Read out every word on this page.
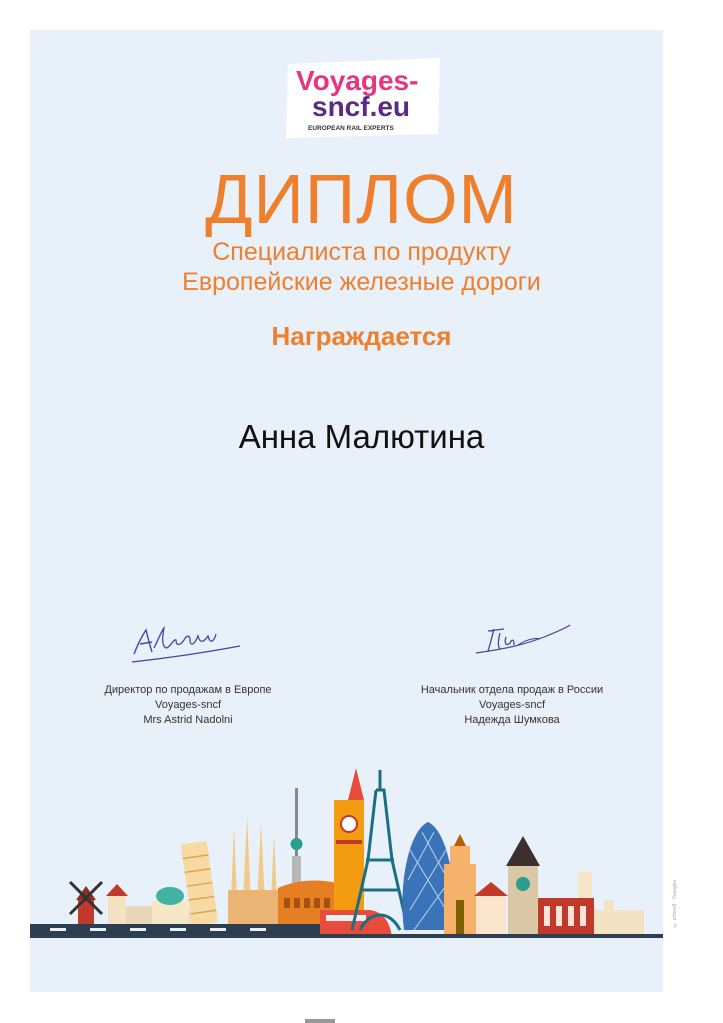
Voyages-
sncf.eu
EUROPEAN RAIL EXPERTS
ДИПЛОМ
Специалиста по продукту
Европейские железные дороги
Награждается
Анна Малютина
Директор по продажам в Европе
Voyages-sncf
Mrs Astrid Nadolni
Начальник отдела продаж в России
Voyages-sncf
Надежда Шумкова
© artbox9 · Voyages
